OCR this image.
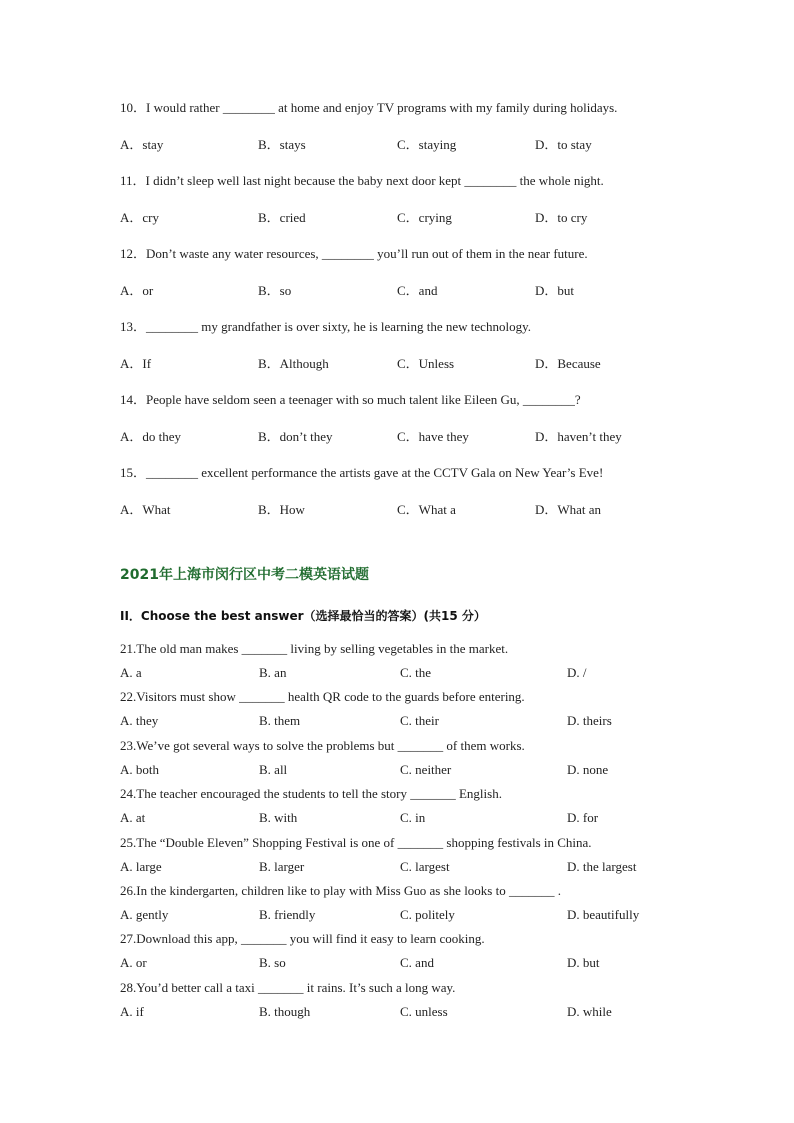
10．I would rather ________ at home and enjoy TV programs with my family during holidays.
A．stay	B．stays	C．staying	D．to stay
11．I didn’t sleep well last night because the baby next door kept ________ the whole night.
A．cry	B．cried	C．crying	D．to cry
12．Don’t waste any water resources, ________ you’ll run out of them in the near future.
A．or	B．so	C．and	D．but
13．________ my grandfather is over sixty, he is learning the new technology.
A．If	B．Although	C．Unless	D．Because
14．People have seldom seen a teenager with so much talent like Eileen Gu, ________?
A．do they	B．don’t they	C．have they	D．haven’t they
15．________ excellent performance the artists gave at the CCTV Gala on New Year’s Eve!
A．What	B．How	C．What a	D．What an
2021年上海市闵行区中考二模英语试题
II．Choose the best answer（选择最恰当的答案）(共15 分）
21.The old man makes _______ living by selling vegetables in the market.
A. a	B. an	C. the	D. /
22.Visitors must show _______ health QR code to the guards before entering.
A. they	B. them	C. their	D. theirs
23.We’ve got several ways to solve the problems but _______ of them works.
A. both	B. all	C. neither	D. none
24.The teacher encouraged the students to tell the story _______ English.
A. at	B. with	C. in	D. for
25.The “Double Eleven” Shopping Festival is one of _______ shopping festivals in China.
A. large	B. larger	C. largest	D. the largest
26.In the kindergarten, children like to play with Miss Guo as she looks to _______ .
A. gently	B. friendly	C. politely	D. beautifully
27.Download this app, _______ you will find it easy to learn cooking.
A. or	B. so	C. and	D. but
28.You’d better call a taxi _______ it rains. It’s such a long way.
A. if	B. though	C. unless	D. while
